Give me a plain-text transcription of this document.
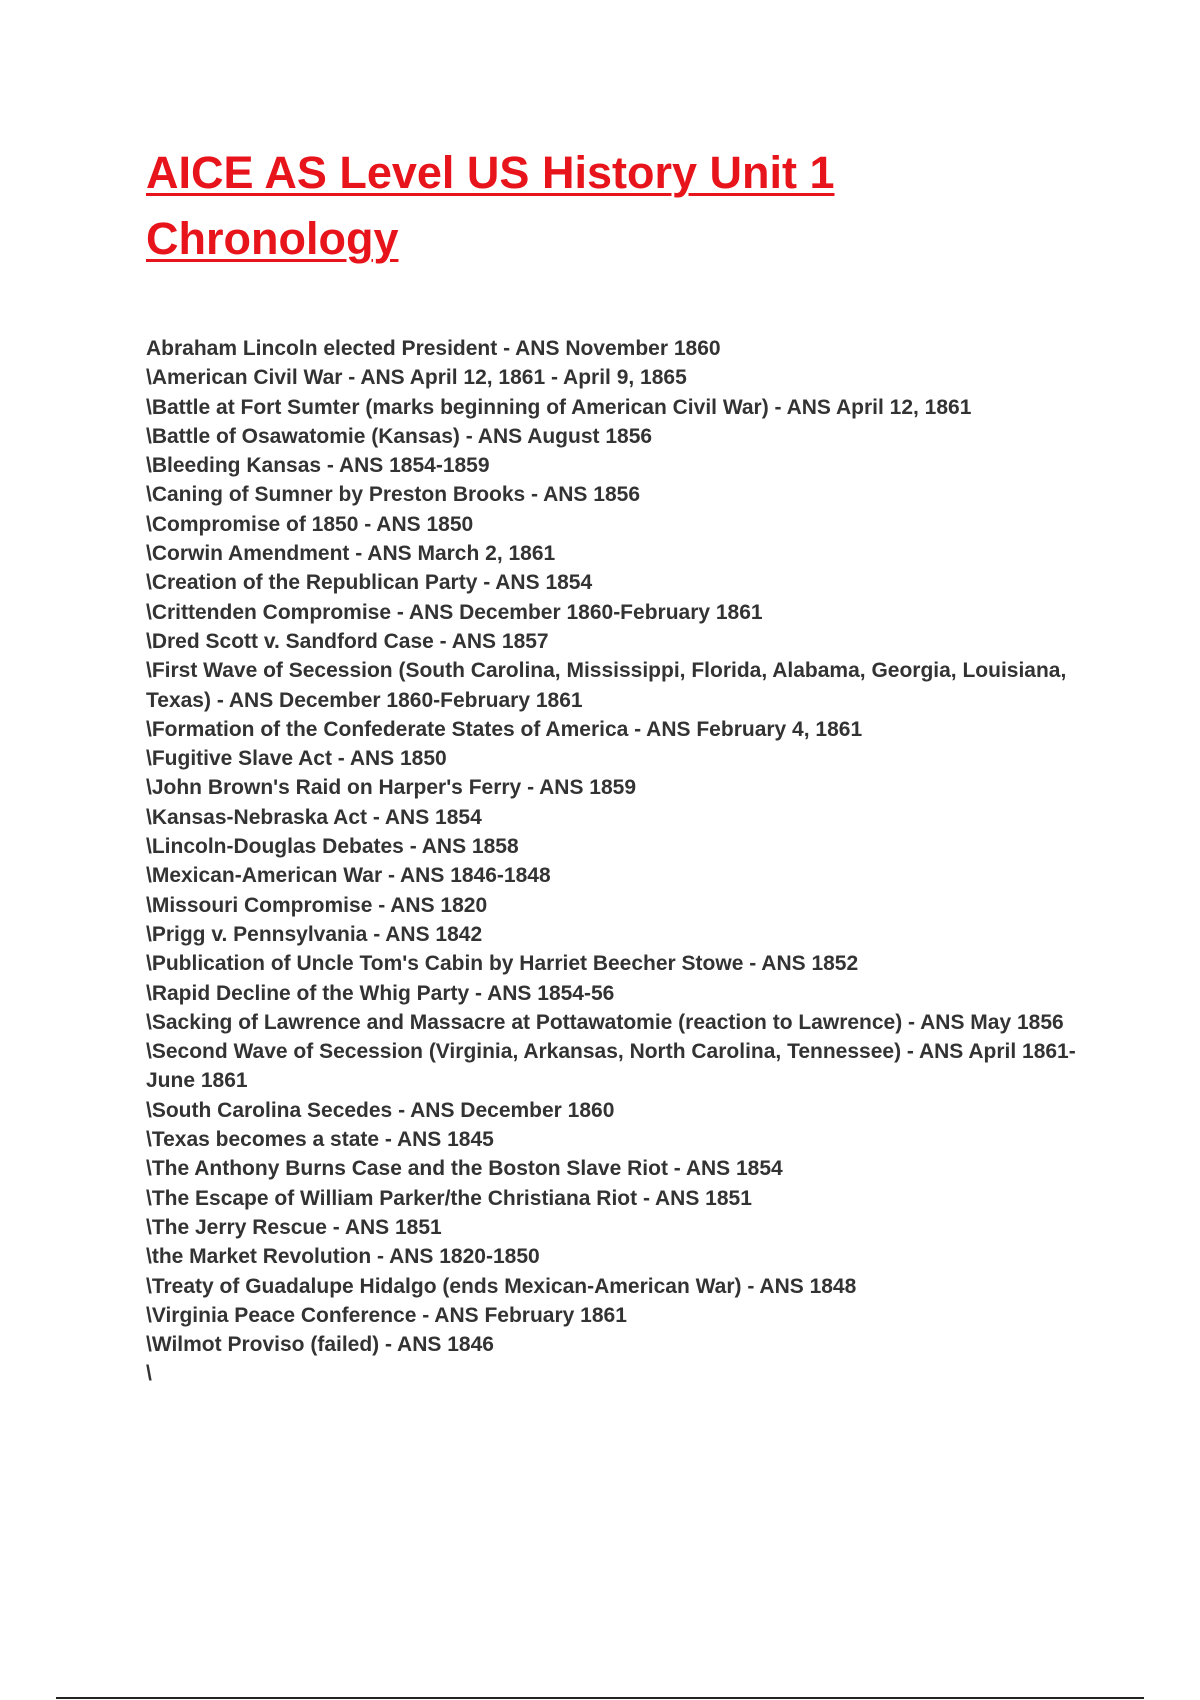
AICE AS Level US History Unit 1 Chronology
Abraham Lincoln elected President - ANS November 1860
\American Civil War - ANS April 12, 1861 - April 9, 1865
\Battle at Fort Sumter (marks beginning of American Civil War) - ANS April 12, 1861
\Battle of Osawatomie (Kansas) - ANS August 1856
\Bleeding Kansas - ANS 1854-1859
\Caning of Sumner by Preston Brooks - ANS 1856
\Compromise of 1850 - ANS 1850
\Corwin Amendment - ANS March 2, 1861
\Creation of the Republican Party - ANS 1854
\Crittenden Compromise - ANS December 1860-February 1861
\Dred Scott v. Sandford Case - ANS 1857
\First Wave of Secession (South Carolina, Mississippi, Florida, Alabama, Georgia, Louisiana, Texas) - ANS December 1860-February 1861
\Formation of the Confederate States of America - ANS February 4, 1861
\Fugitive Slave Act - ANS 1850
\John Brown's Raid on Harper's Ferry - ANS 1859
\Kansas-Nebraska Act - ANS 1854
\Lincoln-Douglas Debates - ANS 1858
\Mexican-American War - ANS 1846-1848
\Missouri Compromise - ANS 1820
\Prigg v. Pennsylvania - ANS 1842
\Publication of Uncle Tom's Cabin by Harriet Beecher Stowe - ANS 1852
\Rapid Decline of the Whig Party - ANS 1854-56
\Sacking of Lawrence and Massacre at Pottawatomie (reaction to Lawrence) - ANS May 1856
\Second Wave of Secession (Virginia, Arkansas, North Carolina, Tennessee) - ANS April 1861-June 1861
\South Carolina Secedes - ANS December 1860
\Texas becomes a state - ANS 1845
\The Anthony Burns Case and the Boston Slave Riot - ANS 1854
\The Escape of William Parker/the Christiana Riot - ANS 1851
\The Jerry Rescue - ANS 1851
\the Market Revolution - ANS 1820-1850
\Treaty of Guadalupe Hidalgo (ends Mexican-American War) - ANS 1848
\Virginia Peace Conference - ANS February 1861
\Wilmot Proviso (failed) - ANS 1846
\
